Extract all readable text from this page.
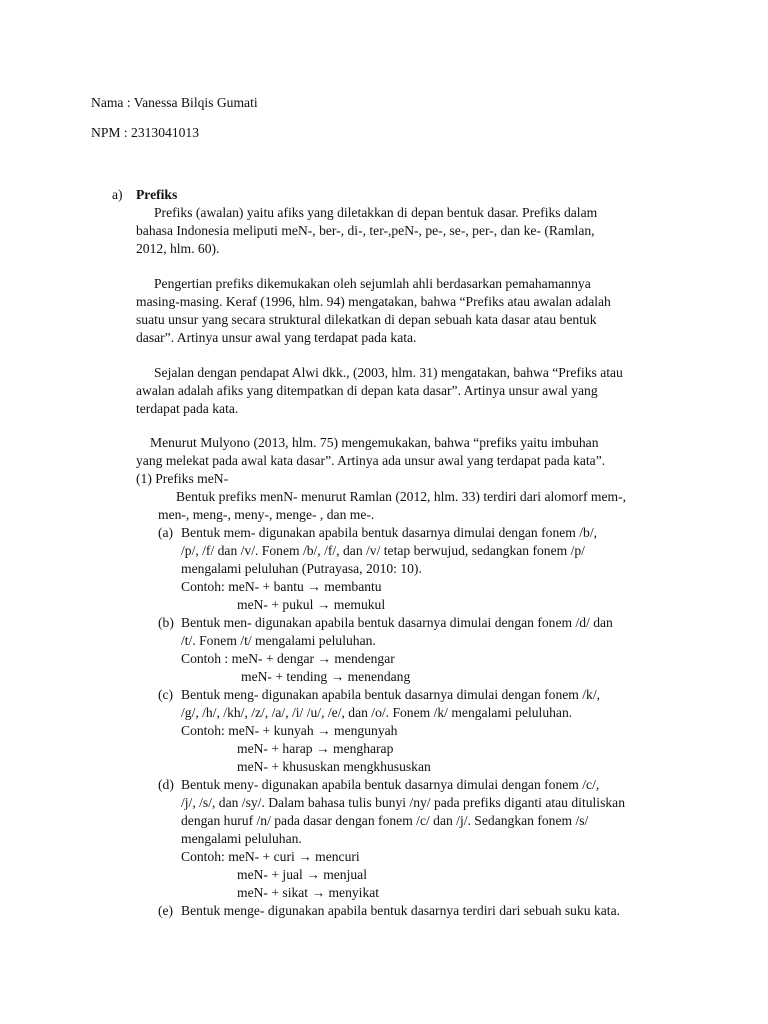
Nama : Vanessa Bilqis Gumati
NPM : 2313041013
a) Prefiks
Prefiks (awalan) yaitu afiks yang diletakkan di depan bentuk dasar. Prefiks dalam
bahasa Indonesia meliputi meN-, ber-, di-, ter-,peN-, pe-, se-, per-, dan ke- (Ramlan,
2012, hlm. 60).
Pengertian prefiks dikemukakan oleh sejumlah ahli berdasarkan pemahamannya
masing-masing. Keraf (1996, hlm. 94) mengatakan, bahwa “Prefiks atau awalan adalah
suatu unsur yang secara struktural dilekatkan di depan sebuah kata dasar atau bentuk
dasar”. Artinya unsur awal yang terdapat pada kata.
Sejalan dengan pendapat Alwi dkk., (2003, hlm. 31) mengatakan, bahwa “Prefiks atau
awalan adalah afiks yang ditempatkan di depan kata dasar”. Artinya unsur awal yang
terdapat pada kata.
Menurut Mulyono (2013, hlm. 75) mengemukakan, bahwa “prefiks yaitu imbuhan
yang melekat pada awal kata dasar”. Artinya ada unsur awal yang terdapat pada kata”.
(1) Prefiks meN-
Bentuk prefiks menN- menurut Ramlan (2012, hlm. 33) terdiri dari alomorf mem-,
men-, meng-, meny-, menge- , dan me-.
(a) Bentuk mem- digunakan apabila bentuk dasarnya dimulai dengan fonem /b/,
/p/, /f/ dan /v/. Fonem /b/, /f/, dan /v/ tetap berwujud, sedangkan fonem /p/
mengalami peluluhan (Putrayasa, 2010: 10).
Contoh: meN- + bantu → membantu
meN- + pukul → memukul
(b) Bentuk men- digunakan apabila bentuk dasarnya dimulai dengan fonem /d/ dan
/t/. Fonem /t/ mengalami peluluhan.
Contoh : meN- + dengar → mendengar
meN- + tending → menendang
(c) Bentuk meng- digunakan apabila bentuk dasarnya dimulai dengan fonem /k/,
/g/, /h/, /kh/, /z/, /a/, /i/ /u/, /e/, dan /o/. Fonem /k/ mengalami peluluhan.
Contoh: meN- + kunyah → mengunyah
meN- + harap → mengharap
meN- + khususkan mengkhususkan
(d) Bentuk meny- digunakan apabila bentuk dasarnya dimulai dengan fonem /c/,
/j/, /s/, dan /sy/. Dalam bahasa tulis bunyi /ny/ pada prefiks diganti atau dituliskan
dengan huruf /n/ pada dasar dengan fonem /c/ dan /j/. Sedangkan fonem /s/
mengalami peluluhan.
Contoh: meN- + curi → mencuri
meN- + jual → menjual
meN- + sikat → menyikat
(e) Bentuk menge- digunakan apabila bentuk dasarnya terdiri dari sebuah suku kata.
